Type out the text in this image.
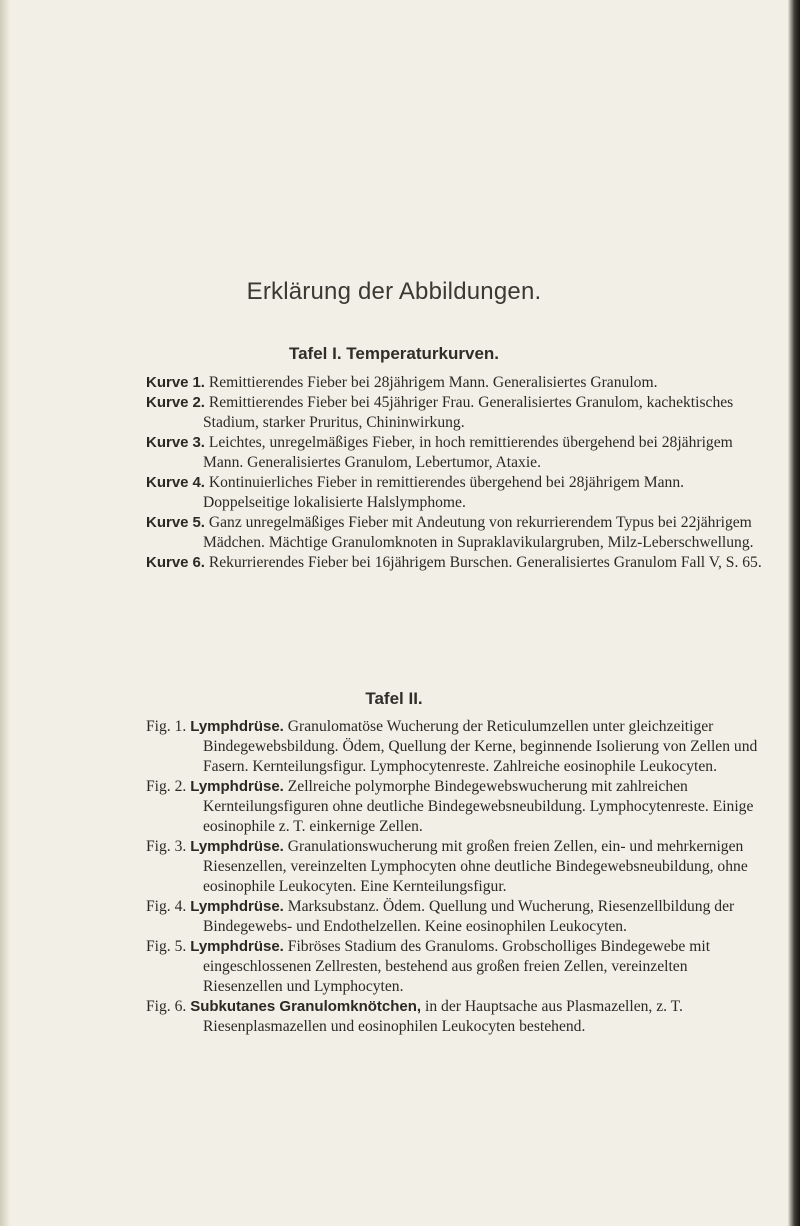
Erklärung der Abbildungen.
Tafel I. Temperaturkurven.
Kurve 1. Remittierendes Fieber bei 28jährigem Mann. Generalisiertes Granulom.
Kurve 2. Remittierendes Fieber bei 45jähriger Frau. Generalisiertes Granulom, kachektisches Stadium, starker Pruritus, Chininwirkung.
Kurve 3. Leichtes, unregelmäßiges Fieber, in hoch remittierendes übergehend bei 28jährigem Mann. Generalisiertes Granulom, Lebertumor, Ataxie.
Kurve 4. Kontinuierliches Fieber in remittierendes übergehend bei 28jährigem Mann. Doppelseitige lokalisierte Halslymphome.
Kurve 5. Ganz unregelmäßiges Fieber mit Andeutung von rekurrierendem Typus bei 22jährigem Mädchen. Mächtige Granulomknoten in Supraklavikulargruben, Milz-Leberschwellung.
Kurve 6. Rekurrierendes Fieber bei 16jährigem Burschen. Generalisiertes Granulom Fall V, S. 65.
Tafel II.
Fig. 1. Lymphdrüse. Granulomatöse Wucherung der Reticulumzellen unter gleichzeitiger Bindegewebsbildung. Ödem, Quellung der Kerne, beginnende Isolierung von Zellen und Fasern. Kernteilungsfigur. Lymphocytenreste. Zahlreiche eosinophile Leukocyten.
Fig. 2. Lymphdrüse. Zellreiche polymorphe Bindegewebswucherung mit zahlreichen Kernteilungsfiguren ohne deutliche Bindegewebsneubildung. Lymphocytenreste. Einige eosinophile z. T. einkernige Zellen.
Fig. 3. Lymphdrüse. Granulationswucherung mit großen freien Zellen, ein- und mehrkernigen Riesenzellen, vereinzelten Lymphocyten ohne deutliche Bindegewebsneubildung, ohne eosinophile Leukocyten. Eine Kernteilungsfigur.
Fig. 4. Lymphdrüse. Marksubstanz. Ödem. Quellung und Wucherung, Riesenzellbildung der Bindegewebs- und Endothelzellen. Keine eosinophilen Leukocyten.
Fig. 5. Lymphdrüse. Fibröses Stadium des Granuloms. Grobscholliges Bindegewebe mit eingeschlossenen Zellresten, bestehend aus großen freien Zellen, vereinzelten Riesenzellen und Lymphocyten.
Fig. 6. Subkutanes Granulomknötchen, in der Hauptsache aus Plasmazellen, z. T. Riesenplasmazellen und eosinophilen Leukocyten bestehend.
